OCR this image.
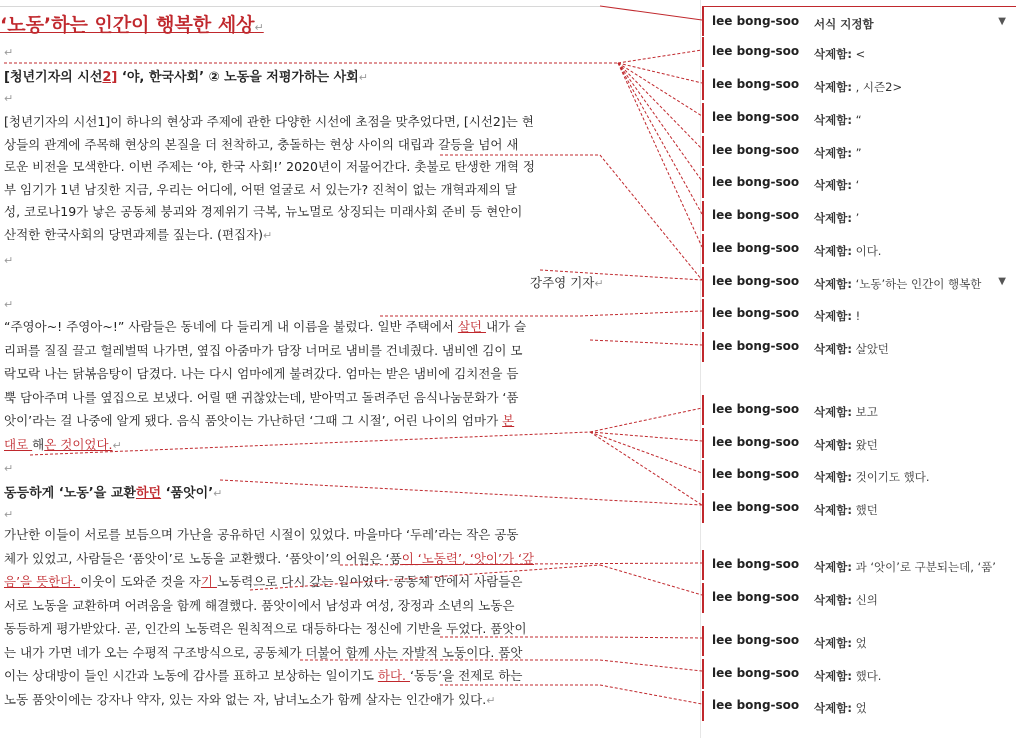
‘노동’하는 인간이 행복한 세상↵
↵
[청년기자의 시선2] ‘야, 한국사회’ ② 노동을 저평가하는 사회↵
↵
[청년기자의 시선1]이 하나의 현상과 주제에 관한 다양한 시선에 초점을 맞추었다면, [시선2]는 현
상들의 관계에 주목해 현상의 본질을 더 천착하고, 충돌하는 현상 사이의 대립과 갈등을 넘어 새
로운 비전을 모색한다. 이번 주제는 ‘야, 한국 사회!’ 2020년이 저물어간다. 촛불로 탄생한 개혁 정
부 임기가 1년 남짓한 지금, 우리는 어디에, 어떤 얼굴로 서 있는가? 진척이 없는 개혁과제의 달
성, 코로나19가 낳은 공동체 붕괴와 경제위기 극복, 뉴노멀로 상징되는 미래사회 준비 등 현안이
산적한 한국사회의 당면과제를 짚는다. (편집자)↵
↵
강주영 기자↵
↵
“주영아~! 주영아~!” 사람들은 동네에 다 들리게 내 이름을 불렀다. 일반 주택에서 살던 내가 슬
리퍼를 질질 끌고 헐레벌떡 나가면, 옆집 아줌마가 담장 너머로 냄비를 건네줬다. 냄비엔 김이 모
락모락 나는 닭볶음탕이 담겼다. 나는 다시 엄마에게 불려갔다. 엄마는 받은 냄비에 김치전을 듬
뿍 담아주며 나를 옆집으로 보냈다. 어릴 땐 귀찮았는데, 받아먹고 돌려주던 음식나눔문화가 ‘품
앗이’라는 걸 나중에 알게 됐다. 음식 품앗이는 가난하던 ‘그때 그 시절’, 어린 나이의 엄마가 본
대로 해온 것이었다.↵
↵
동등하게 ‘노동’을 교환하던 ‘품앗이’↵
↵
가난한 이들이 서로를 보듬으며 가난을 공유하던 시절이 있었다. 마을마다 ‘두레’라는 작은 공동
체가 있었고, 사람들은 ‘품앗이’로 노동을 교환했다. ‘품앗이’의 어원은 ‘품이 ‘노동력’, ‘앗이’가 ‘갚
음’을 뜻한다. 이웃이 도와준 것을 자기 노동력으로 다시 갚는 일이었다. 공동체 안에서 사람들은
서로 노동을 교환하며 어려움을 함께 해결했다. 품앗이에서 남성과 여성, 장정과 소년의 노동은
동등하게 평가받았다. 곧, 인간의 노동력은 원칙적으로 대등하다는 정신에 기반을 두었다. 품앗이
는 내가 가면 네가 오는 수평적 구조방식으로, 공동체가 더불어 함께 사는 자발적 노동이다. 품앗
이는 상대방이 들인 시간과 노동에 감사를 표하고 보상하는 일이기도 하다. ‘동등’을 전제로 하는
노동 품앗이에는 강자나 약자, 있는 자와 없는 자, 남녀노소가 함께 살자는 인간애가 있다.↵
lee bong-soo 서식 지정함	▼
lee bong-soo 삭제함: <
lee bong-soo 삭제함: , 시즌2>
lee bong-soo 삭제함: “
lee bong-soo 삭제함: ”
lee bong-soo 삭제함: ‘
lee bong-soo 삭제함: ’
lee bong-soo 삭제함: 이다.
lee bong-soo 삭제함: ‘노동’하는 인간이 행복한 ▼
lee bong-soo 삭제함: !
lee bong-soo 삭제함: 살았던
lee bong-soo 삭제함: 보고
lee bong-soo 삭제함: 왔던
lee bong-soo 삭제함: 것이기도 했다.
lee bong-soo 삭제함: 했던
lee bong-soo 삭제함: 과 ‘앗이’로 구분되는데, ‘품’
lee bong-soo 삭제함: 신의
lee bong-soo 삭제함: 었
lee bong-soo 삭제함: 했다.
lee bong-soo 삭제함: 었
